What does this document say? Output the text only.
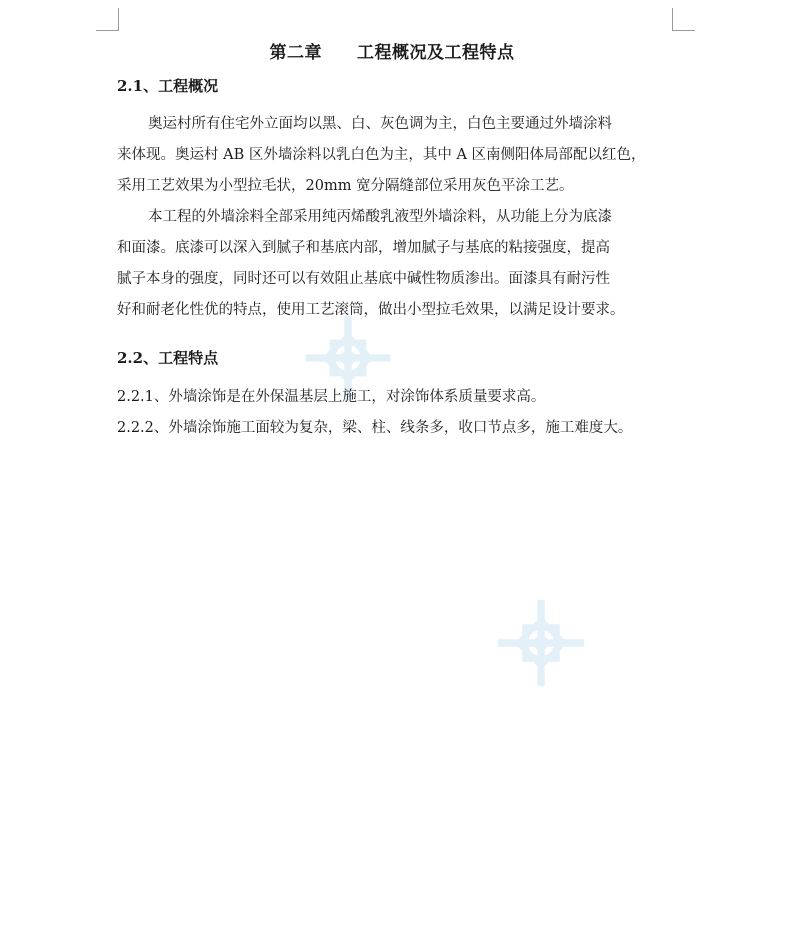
第二章　　工程概况及工程特点
2.1、工程概况
奥运村所有住宅外立面均以黑、白、灰色调为主，白色主要通过外墙涂料
来体现。奥运村 AB 区外墙涂料以乳白色为主，其中 A 区南侧阳体局部配以红色，
采用工艺效果为小型拉毛状，20mm 宽分隔缝部位采用灰色平涂工艺。
本工程的外墙涂料全部采用纯丙烯酸乳液型外墙涂料，从功能上分为底漆
和面漆。底漆可以深入到腻子和基底内部，增加腻子与基底的粘接强度，提高
腻子本身的强度，同时还可以有效阻止基底中碱性物质渗出。面漆具有耐污性
好和耐老化性优的特点，使用工艺滚筒，做出小型拉毛效果，以满足设计要求。
2.2、工程特点
2.2.1、外墙涂饰是在外保温基层上施工，对涂饰体系质量要求高。
2.2.2、外墙涂饰施工面较为复杂，梁、柱、线条多，收口节点多，施工难度大。
